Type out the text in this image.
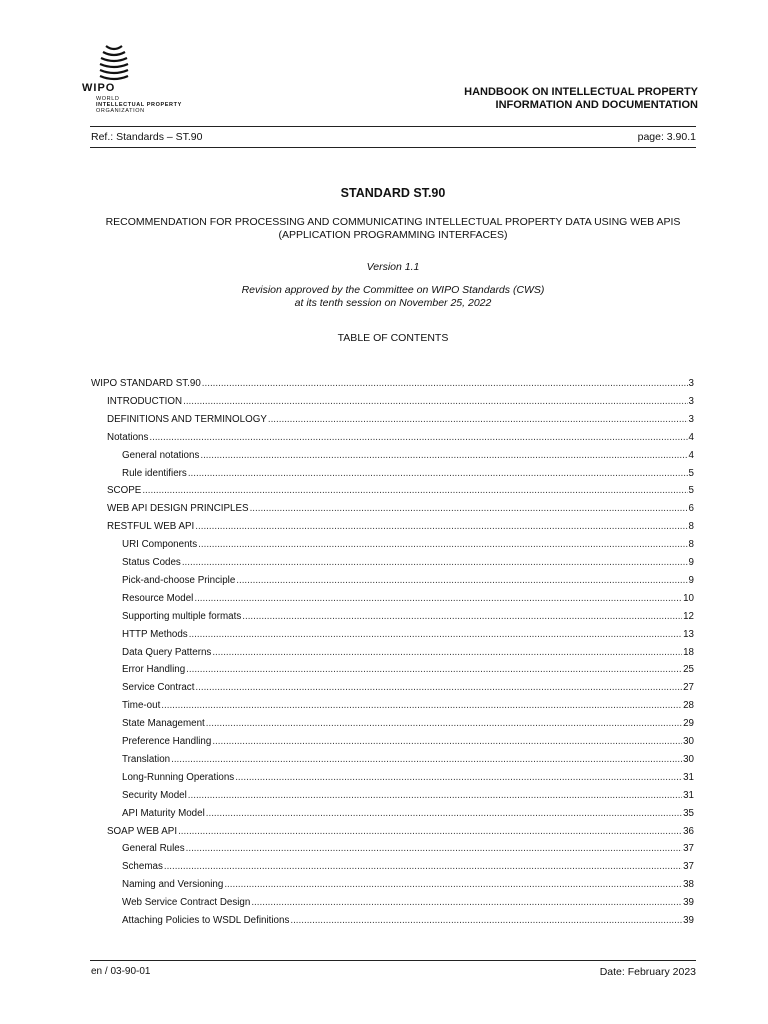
WIPO
WORLD
INTELLECTUAL PROPERTY
ORGANIZATION
HANDBOOK ON INTELLECTUAL PROPERTY
INFORMATION AND DOCUMENTATION
Ref.: Standards – ST.90	page: 3.90.1
STANDARD ST.90
RECOMMENDATION FOR PROCESSING AND COMMUNICATING INTELLECTUAL PROPERTY DATA USING WEB APIS (APPLICATION PROGRAMMING INTERFACES)
Version 1.1
Revision approved by the Committee on WIPO Standards (CWS)
at its tenth session on November 25, 2022
TABLE OF CONTENTS
WIPO STANDARD ST.90 .....	3
INTRODUCTION .....	3
DEFINITIONS AND TERMINOLOGY .....	3
Notations .....	4
General notations .....	4
Rule identifiers .....	5
SCOPE .....	5
WEB API DESIGN PRINCIPLES .....	6
RESTFUL WEB API .....	8
URI Components .....	8
Status Codes .....	9
Pick-and-choose Principle .....	9
Resource Model .....	10
Supporting multiple formats .....	12
HTTP Methods .....	13
Data Query Patterns .....	18
Error Handling .....	25
Service Contract .....	27
Time-out .....	28
State Management .....	29
Preference Handling .....	30
Translation .....	30
Long-Running Operations .....	31
Security Model .....	31
API Maturity Model .....	35
SOAP WEB API .....	36
General Rules .....	37
Schemas .....	37
Naming and Versioning .....	38
Web Service Contract Design .....	39
Attaching Policies to WSDL Definitions .....	39
en / 03-90-01	Date: February 2023
